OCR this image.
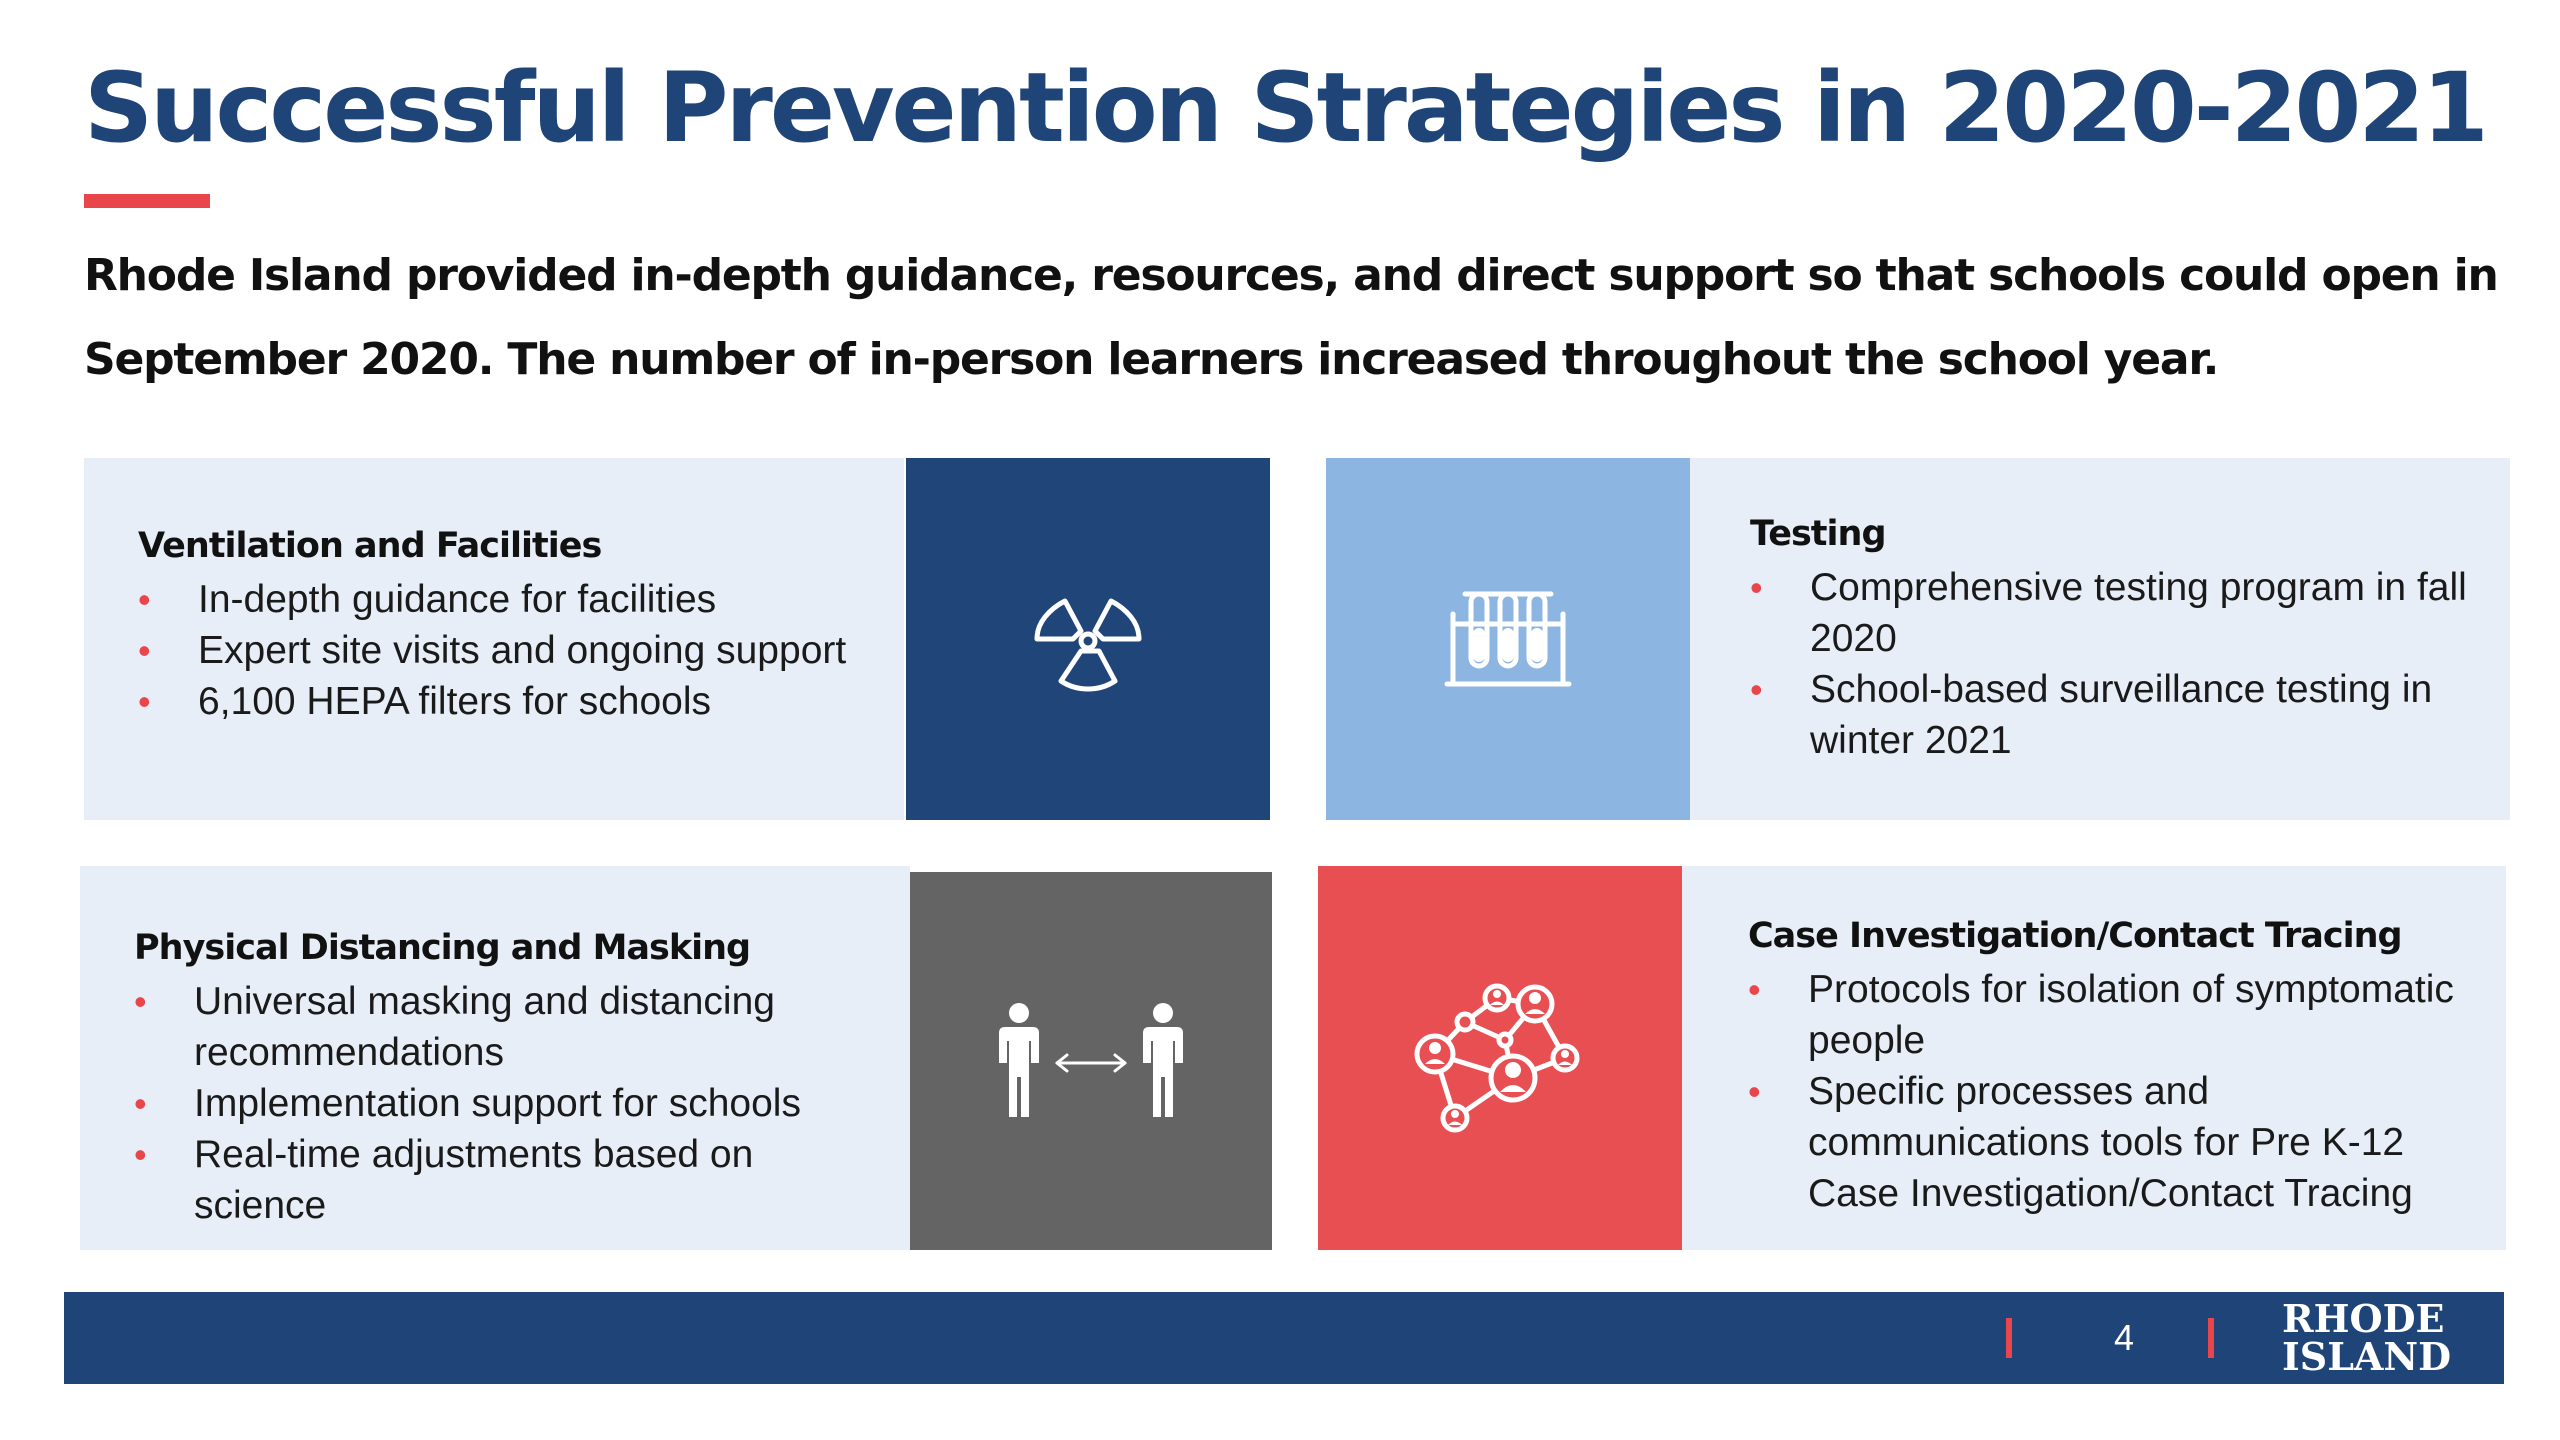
Successful Prevention Strategies in 2020-2021
Rhode Island provided in-depth guidance, resources, and direct support so that schools could open in September 2020. The number of in-person learners increased throughout the school year.
Ventilation and Facilities
• In-depth guidance for facilities
• Expert site visits and ongoing support
• 6,100 HEPA filters for schools
Testing
• Comprehensive testing program in fall 2020
• School-based surveillance testing in winter 2021
Physical Distancing and Masking
• Universal masking and distancing recommendations
• Implementation support for schools
• Real-time adjustments based on science
Case Investigation/Contact Tracing
• Protocols for isolation of symptomatic people
• Specific processes and communications tools for Pre K-12 Case Investigation/Contact Tracing
4	RHODE
ISLAND
